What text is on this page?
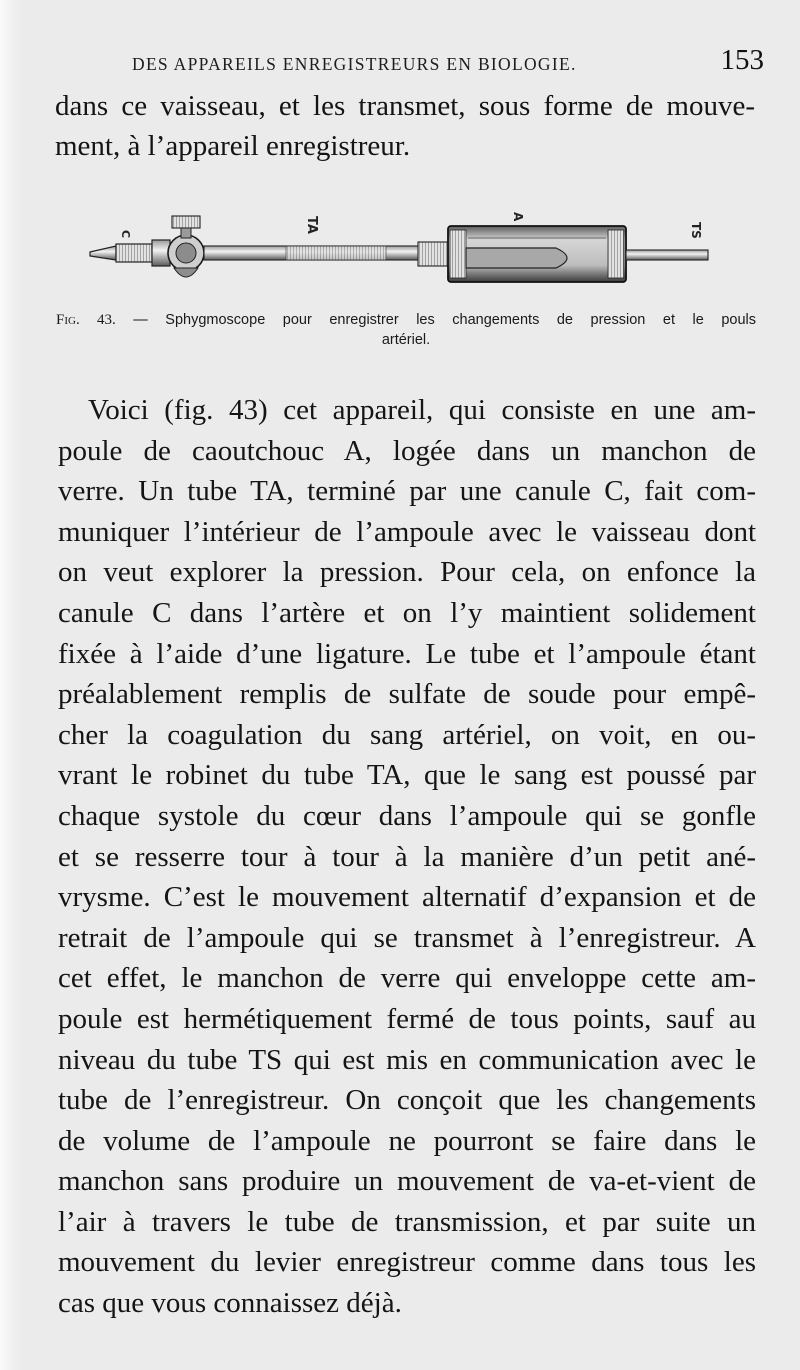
DES APPAREILS ENREGISTREURS EN BIOLOGIE.	153
dans ce vaisseau, et les transmet, sous forme de mouve-
ment, à l’appareil enregistreur.
C
TA	A
TS
Fig. 43. — Sphygmoscope pour enregistrer les changements de pression et le pouls
artériel.
Voici (fig. 43) cet appareil, qui consiste en une am-
poule de caoutchouc A, logée dans un manchon de
verre. Un tube TA, terminé par une canule C, fait com-
muniquer l’intérieur de l’ampoule avec le vaisseau dont
on veut explorer la pression. Pour cela, on enfonce la
canule C dans l’artère et on l’y maintient solidement
fixée à l’aide d’une ligature. Le tube et l’ampoule étant
préalablement remplis de sulfate de soude pour empê-
cher la coagulation du sang artériel, on voit, en ou-
vrant le robinet du tube TA, que le sang est poussé par
chaque systole du cœur dans l’ampoule qui se gonfle
et se resserre tour à tour à la manière d’un petit ané-
vrysme. C’est le mouvement alternatif d’expansion et de
retrait de l’ampoule qui se transmet à l’enregistreur. A
cet effet, le manchon de verre qui enveloppe cette am-
poule est hermétiquement fermé de tous points, sauf au
niveau du tube TS qui est mis en communication avec le
tube de l’enregistreur. On conçoit que les changements
de volume de l’ampoule ne pourront se faire dans le
manchon sans produire un mouvement de va-et-vient de
l’air à travers le tube de transmission, et par suite un
mouvement du levier enregistreur comme dans tous les
cas que vous connaissez déjà.
